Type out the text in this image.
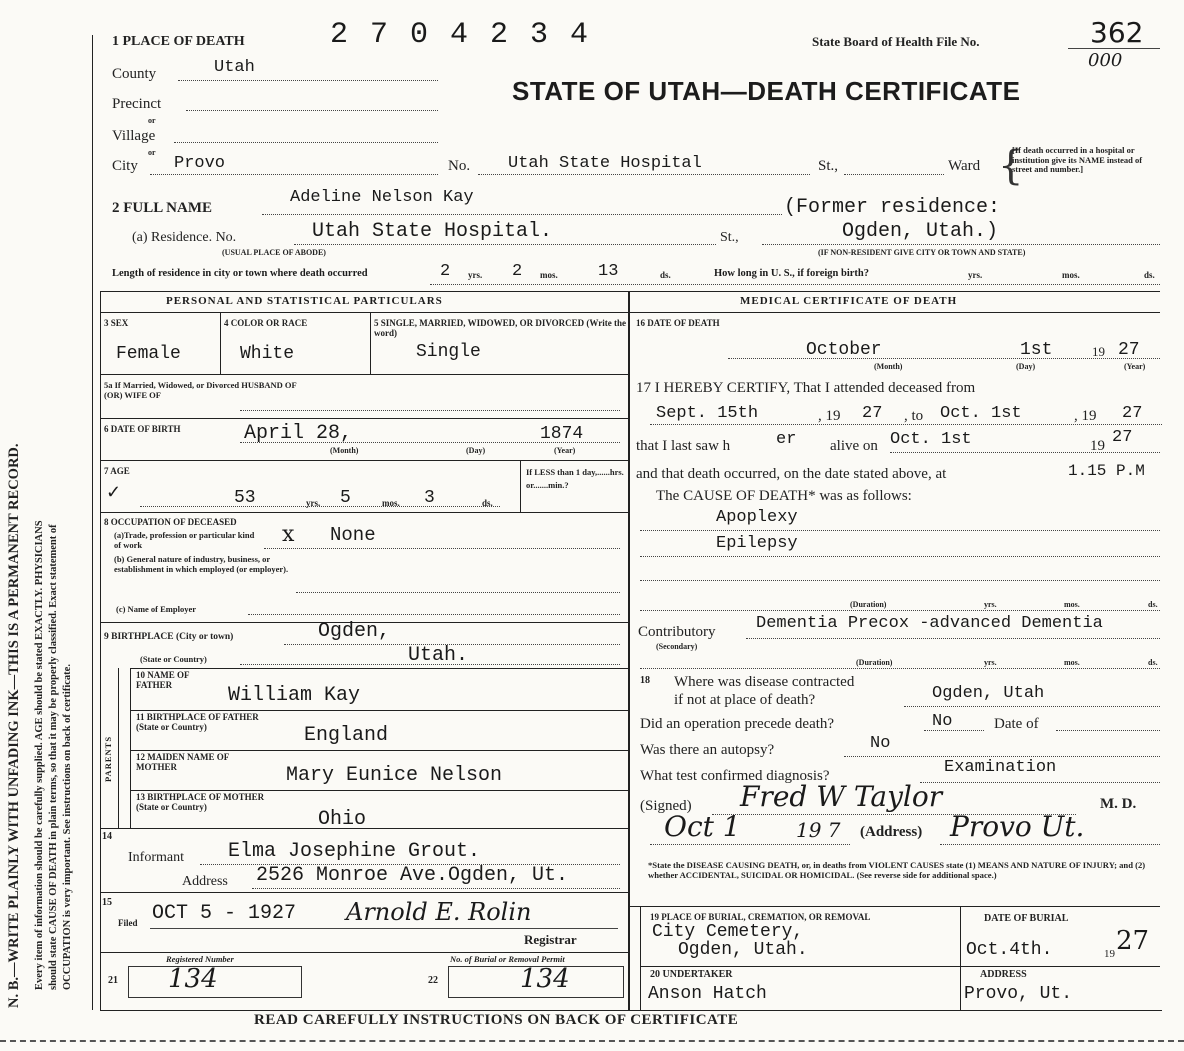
N. B.—WRITE PLAINLY WITH UNFADING INK—THIS IS A PERMANENT RECORD. Every item of information should be carefully supplied. AGE should be stated EXACTLY. PHYSICIANS should state CAUSE OF DEATH in plain terms, so that it may be properly classified. Exact statement of OCCUPATION is very important. See instructions on back of certificate.
1 PLACE OF DEATH	2 7 0 4 2 3 4	State Board of Health File No.	362
000
STATE OF UTAH—DEATH CERTIFICATE
County	Utah
Precinct
or
Village
or
City Provo	No. Utah State Hospital	St.,	Ward {
[If death occurred in a hospital or institution give its NAME instead of street and number.]
2 FULL NAME
Adeline Nelson Kay	(Former residence:
(a) Residence. No.	Utah State Hospital.	St.,	Ogden, Utah.)
(USUAL PLACE OF ABODE)	(IF NON-RESIDENT GIVE CITY OR TOWN AND STATE)
Length of residence in city or town where death occurred	2 yrs. 2 mos. 13	ds.	How long in U. S., if foreign birth?	yrs.	mos.	ds.
PERSONAL AND STATISTICAL PARTICULARS	MEDICAL CERTIFICATE OF DEATH
3 SEX
Female
4 COLOR OR RACE
White
5 SINGLE, MARRIED, WIDOWED, OR DIVORCED (Write the word)
Single
5a If Married, Widowed, or Divorced HUSBAND OF (OR) WIFE OF
6 DATE OF BIRTH	April 28,	1874
(Month)	(Day)	(Year)
7 AGE
✓	53	yrs. 5	mos. 3	ds.
If LESS than 1 day,......hrs. or.......min.?
8 OCCUPATION OF DECEASED
(a)Trade, profession or particular kind of work	x None
(b) General nature of industry, business, or establishment in which employed (or employer).
(c) Name of Employer
9 BIRTHPLACE (City or town)	Ogden,
(State or Country)	Utah.
PARENTS
10 NAME OF FATHER	William Kay
11 BIRTHPLACE OF FATHER (State or Country)	England
12 MAIDEN NAME OF MOTHER	Mary Eunice Nelson
13 BIRTHPLACE OF MOTHER (State or Country)
Ohio
14
Informant Elma Josephine Grout.
Address 2526 Monroe Ave.Ogden, Ut.
15
Filed OCT 5 - 1927 Arnold E. Rolin
Registrar
Registered Number	No. of Burial or Removal Permit
21 134	22	134
16 DATE OF DEATH
October	1st	19 27
(Month)	(Day)	(Year)
17 I HEREBY CERTIFY, That I attended deceased from
Sept. 15th	, 19 27 , to Oct. 1st	, 19 27
that I last saw h	er alive on Oct. 1st	19 27
and that death occurred, on the date stated above, at	1.15 P.M
The CAUSE OF DEATH* was as follows:
Apoplexy
Epilepsy
(Duration)	yrs.	mos.	ds.
Contributory
(Secondary)
Dementia Precox -advanced Dementia
(Duration)	yrs.	mos.	ds.
18 Where was disease contracted
if not at place of death?	Ogden, Utah
Did an operation precede death?	No	Date of
Was there an autopsy?	No
What test confirmed diagnosis?	Examination
(Signed) Fred W Taylor	M. D.
Oct 1	19 7 (Address) Provo Ut.
*State the DISEASE CAUSING DEATH, or, in deaths from VIOLENT CAUSES state (1) MEANS AND NATURE OF INJURY; and (2) whether ACCIDENTAL, SUICIDAL OR HOMICIDAL. (See reverse side for additional space.)
19 PLACE OF BURIAL, CREMATION, OR REMOVAL
City Cemetery,
Ogden, Utah.
DATE OF BURIAL
Oct.4th.	19 27
20 UNDERTAKER
Anson Hatch
ADDRESS
Provo, Ut.
READ CAREFULLY INSTRUCTIONS ON BACK OF CERTIFICATE
